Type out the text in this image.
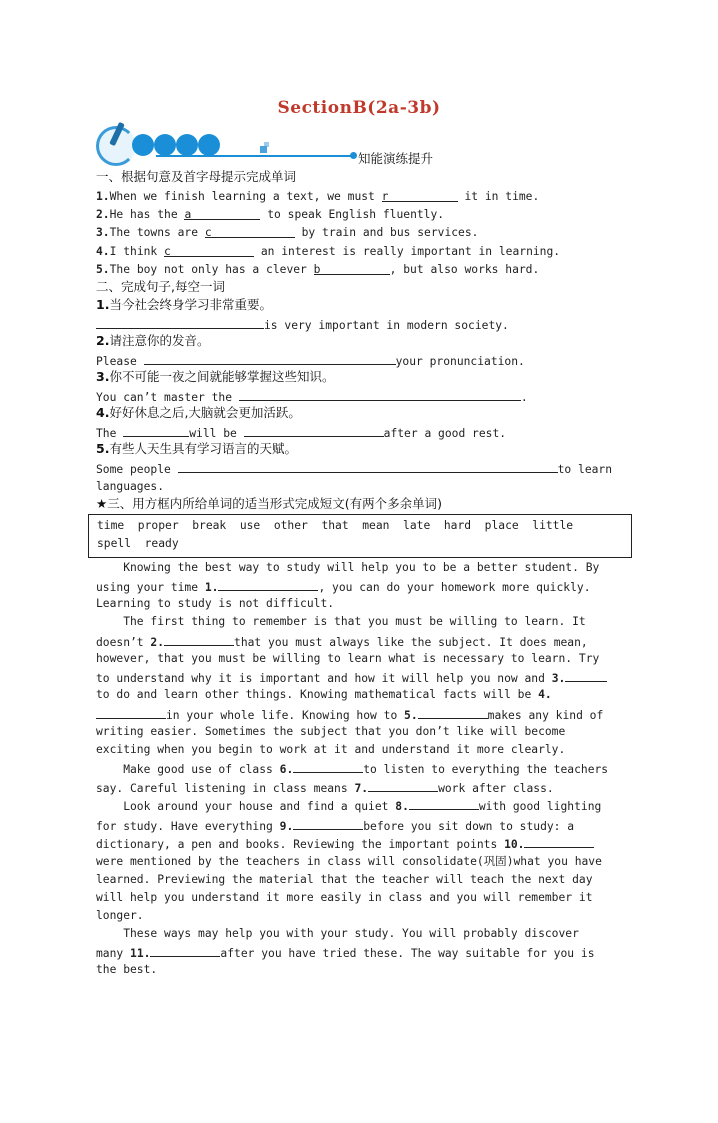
SectionB(2a-3b)
知能演练提升
一、根据句意及首字母提示完成单词
1.When we finish learning a text, we must r	it in time.
2.He has the a	to speak English fluently.
3.The towns are c	by train and bus services.
4.I think c	an interest is really important in learning.
5.The boy not only has a clever b	, but also works hard.
二、完成句子,每空一词
1.当今社会终身学习非常重要。
is very important in modern society.
2.请注意你的发音。
Please	your pronunciation.
3.你不可能一夜之间就能够掌握这些知识。
You can’t master the	.
4.好好休息之后,大脑就会更加活跃。
The	will be	after a good rest.
5.有些人天生具有学习语言的天赋。
Some people	to learn
languages.
★三、用方框内所给单词的适当形式完成短文(有两个多余单词)
time  proper  break  use  other  that  mean  late  hard  place  little
spell  ready
Knowing the best way to study will help you to be a better student. By
using your time 1.	, you can do your homework more quickly.
Learning to study is not difficult.
The first thing to remember is that you must be willing to learn. It
doesn’t 2.	that you must always like the subject. It does mean,
however, that you must be willing to learn what is necessary to learn. Try
to understand why it is important and how it will help you now and 3.
to do and learn other things. Knowing mathematical facts will be 4.
in your whole life. Knowing how to 5.	makes any kind of
writing easier. Sometimes the subject that you don’t like will become
exciting when you begin to work at it and understand it more clearly.
Make good use of class 6.	to listen to everything the teachers
say. Careful listening in class means 7.	work after class.
Look around your house and find a quiet 8.	with good lighting
for study. Have everything 9.	before you sit down to study: a
dictionary, a pen and books. Reviewing the important points 10.
were mentioned by the teachers in class will consolidate(巩固)what you have
learned. Previewing the material that the teacher will teach the next day
will help you understand it more easily in class and you will remember it
longer.
These ways may help you with your study. You will probably discover
many 11.	after you have tried these. The way suitable for you is
the best.
